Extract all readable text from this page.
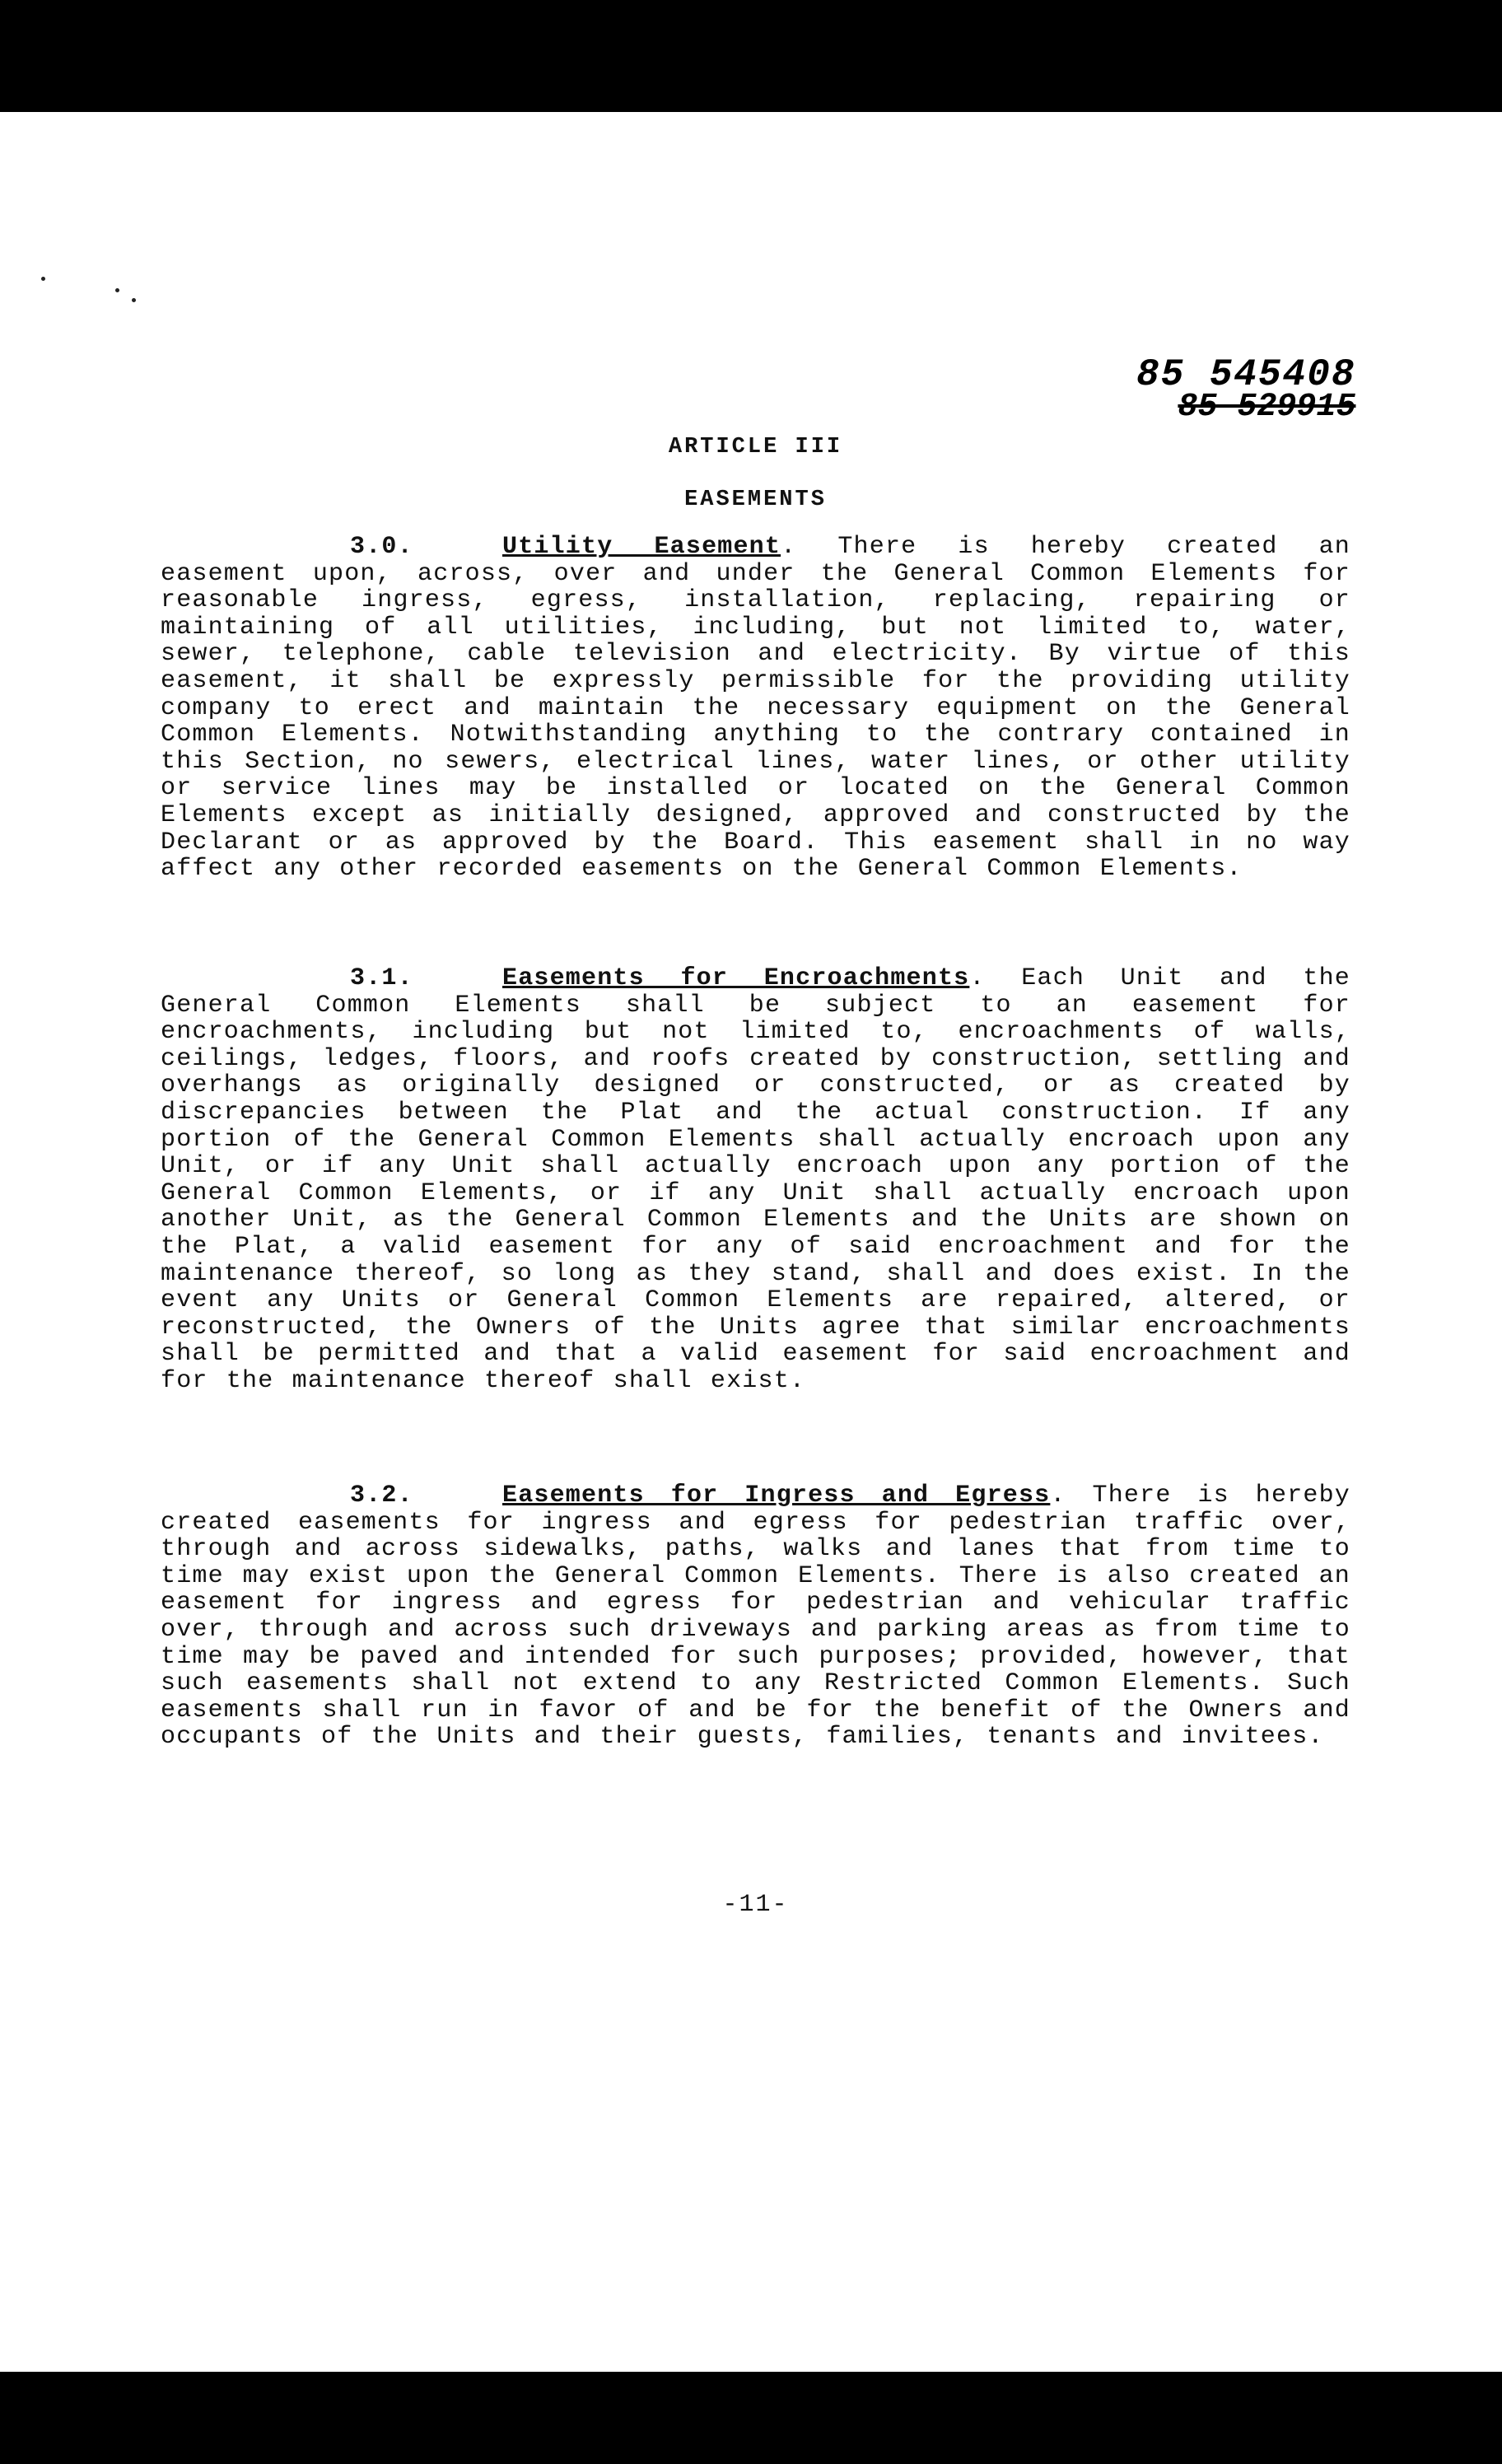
85 545408
85 529915
ARTICLE III
EASEMENTS
3.0.	Utility Easement. There is hereby created an easement upon, across, over and under the General Common Elements for reasonable ingress, egress, installation, replacing, repairing or maintaining of all utilities, including, but not limited to, water, sewer, telephone, cable television and electricity. By virtue of this easement, it shall be expressly permissible for the providing utility company to erect and maintain the necessary equipment on the General Common Elements. Notwithstanding anything to the contrary contained in this Section, no sewers, electrical lines, water lines, or other utility or service lines may be installed or located on the General Common Elements except as initially designed, approved and constructed by the Declarant or as approved by the Board. This easement shall in no way affect any other recorded easements on the General Common Elements.
3.1.	Easements for Encroachments. Each Unit and the General Common Elements shall be subject to an easement for encroachments, including but not limited to, encroachments of walls, ceilings, ledges, floors, and roofs created by construction, settling and overhangs as originally designed or constructed, or as created by discrepancies between the Plat and the actual construction. If any portion of the General Common Elements shall actually encroach upon any Unit, or if any Unit shall actually encroach upon any portion of the General Common Elements, or if any Unit shall actually encroach upon another Unit, as the General Common Elements and the Units are shown on the Plat, a valid easement for any of said encroachment and for the maintenance thereof, so long as they stand, shall and does exist. In the event any Units or General Common Elements are repaired, altered, or reconstructed, the Owners of the Units agree that similar encroachments shall be permitted and that a valid easement for said encroachment and for the maintenance thereof shall exist.
3.2.	Easements for Ingress and Egress. There is hereby created easements for ingress and egress for pedestrian traffic over, through and across sidewalks, paths, walks and lanes that from time to time may exist upon the General Common Elements. There is also created an easement for ingress and egress for pedestrian and vehicular traffic over, through and across such driveways and parking areas as from time to time may be paved and intended for such purposes; provided, however, that such easements shall not extend to any Restricted Common Elements. Such easements shall run in favor of and be for the benefit of the Owners and occupants of the Units and their guests, families, tenants and invitees.
-11-
